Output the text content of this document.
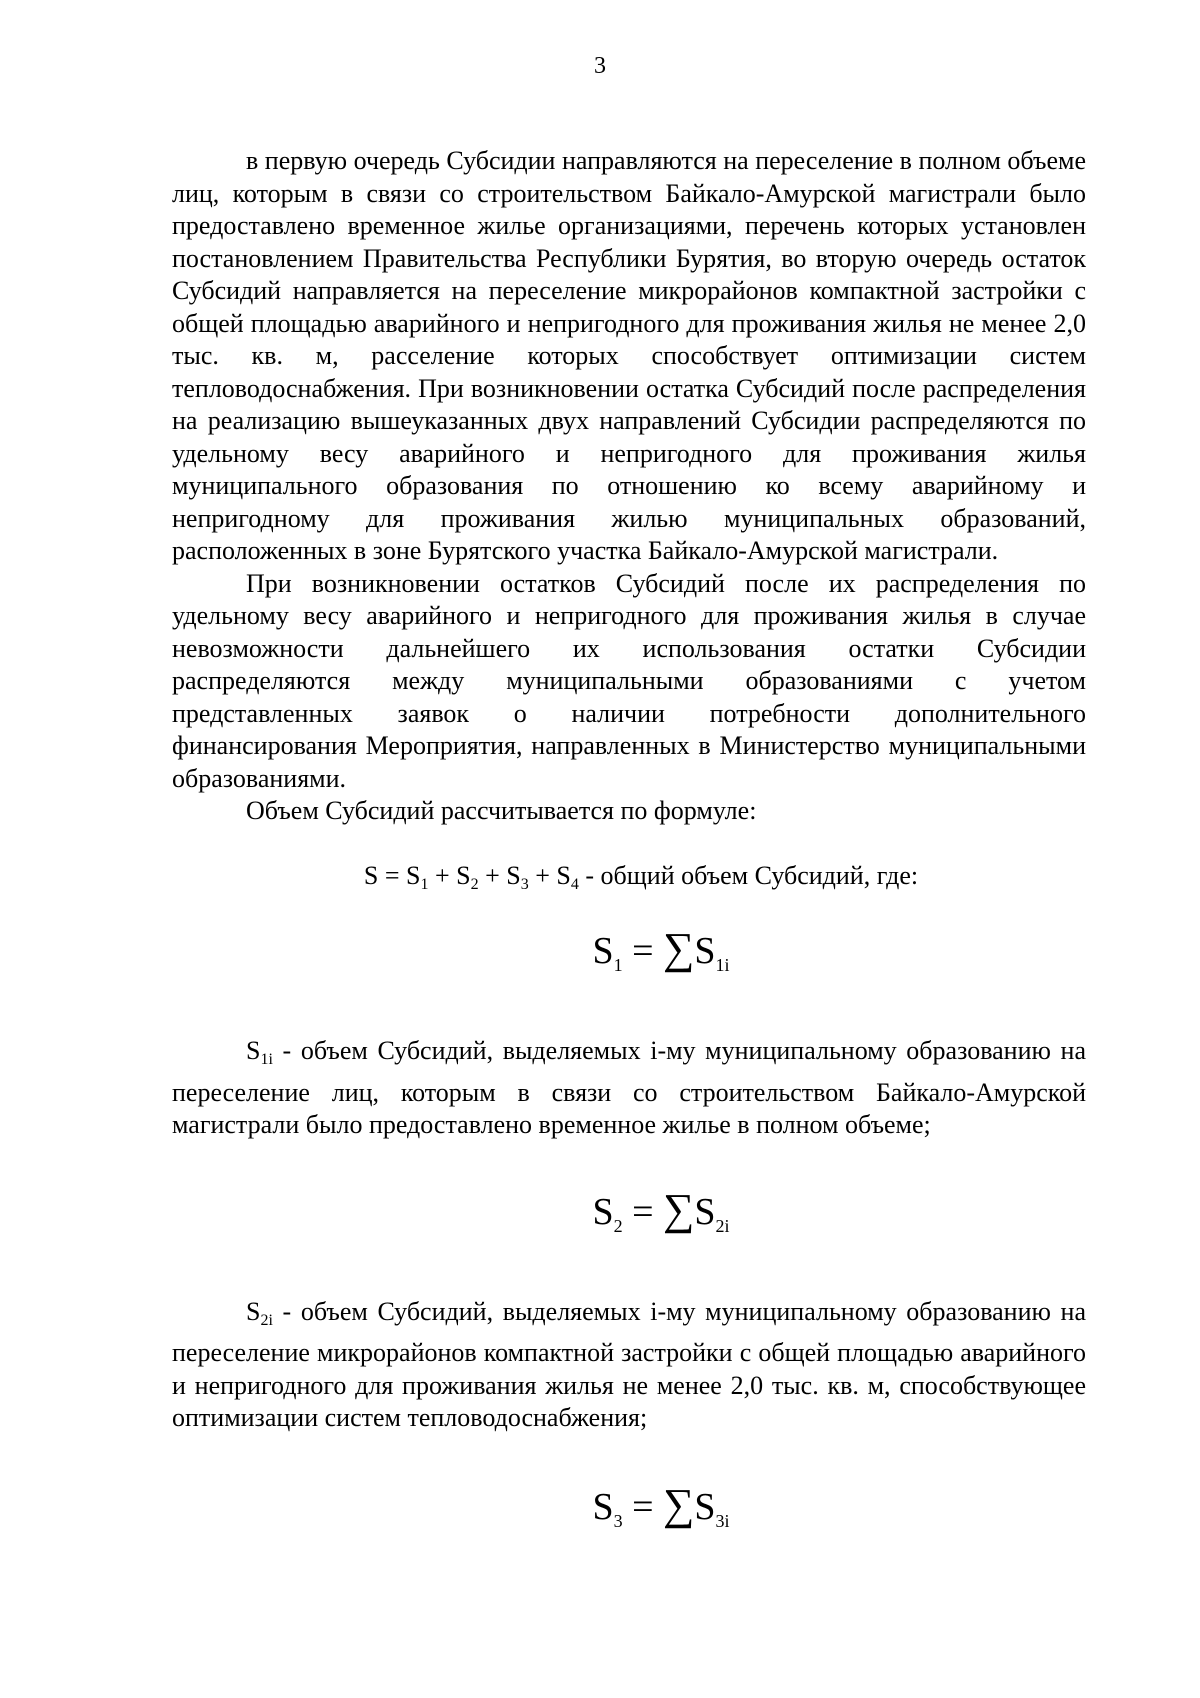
3

в первую очередь Субсидии направляются на переселение в полном объеме лиц, которым в связи со строительством Байкало-Амурской магистрали было предоставлено временное жилье организациями, перечень которых установлен постановлением Правительства Республики Бурятия, во вторую очередь остаток Субсидий направляется на переселение микрорайонов компактной застройки с общей площадью аварийного и непригодного для проживания жилья не менее 2,0 тыс. кв. м, расселение которых способствует оптимизации систем тепловодоснабжения. При возникновении остатка Субсидий после распределения на реализацию вышеуказанных двух направлений Субсидии распределяются по удельному весу аварийного и непригодного для проживания жилья муниципального образования по отношению ко всему аварийному и непригодному для проживания жилью муниципальных образований, расположенных в зоне Бурятского участка Байкало-Амурской магистрали.

При возникновении остатков Субсидий после их распределения по удельному весу аварийного и непригодного для проживания жилья в случае невозможности дальнейшего их использования остатки Субсидии распределяются между муниципальными образованиями с учетом представленных заявок о наличии потребности дополнительного финансирования Мероприятия, направленных в Министерство муниципальными образованиями.

Объем Субсидий рассчитывается по формуле:

$S = S_1 + S_2 + S_3 + S_4$ - общий объем Субсидий, где:
$S_1 = \sum S_{1i}$

$S_{1i}$ - объем Субсидий, выделяемых i-му муниципальному образованию на переселение лиц, которым в связи со строительством Байкало-Амурской магистрали было предоставлено временное жилье в полном объеме;

$S_2 = \sum S_{2i}$

$S_{2i}$ - объем Субсидий, выделяемых i-му муниципальному образованию на переселение микрорайонов компактной застройки с общей площадью аварийного и непригодного для проживания жилья не менее 2,0 тыс. кв. м, способствующее оптимизации систем тепловодоснабжения;

$S_3 = \sum S_{3i}$
